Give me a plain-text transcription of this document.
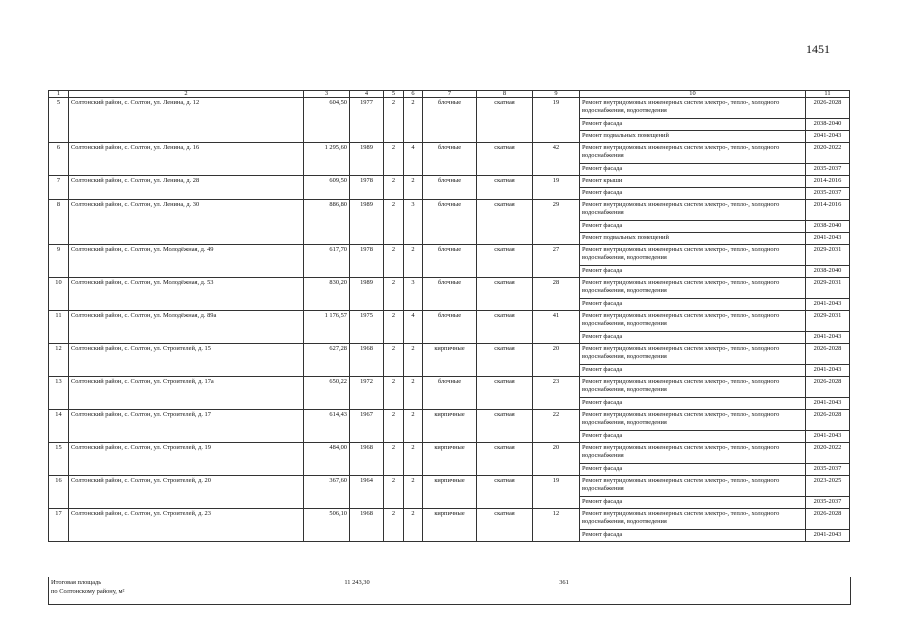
1451
1	2	3	4	5	6	7	8	9	10	11
5	Солтонский район, с. Солтон, ул. Ленина, д. 12	604,50	1977	2	2	блочные	скатная	19	Ремонт внутридомовых инженерных систем электро-, тепло-, холодного водоснабжения, водоотведения	2026-2028
									Ремонт фасада	2038-2040
									Ремонт подвальных помещений	2041-2043
6	Солтонский район, с. Солтон, ул. Ленина, д. 16	1 295,60	1989	2	4	блочные	скатная	42	Ремонт внутридомовых инженерных систем электро-, тепло-, холодного водоснабжения	2020-2022
									Ремонт фасада	2035-2037
7	Солтонский район, с. Солтон, ул. Ленина, д. 28	609,50	1978	2	2	блочные	скатная	19	Ремонт крыши	2014-2016
									Ремонт фасада	2035-2037
8	Солтонский район, с. Солтон, ул. Ленина, д. 30	886,80	1989	2	3	блочные	скатная	29	Ремонт внутридомовых инженерных систем электро-, тепло-, холодного водоснабжения	2014-2016
									Ремонт фасада	2038-2040
									Ремонт подвальных помещений	2041-2043
9	Солтонский район, с. Солтон, ул. Молодёжная, д. 49	617,70	1978	2	2	блочные	скатная	27	Ремонт внутридомовых инженерных систем электро-, тепло-, холодного водоснабжения, водоотведения	2029-2031
									Ремонт фасада	2038-2040
10	Солтонский район, с. Солтон, ул. Молодёжная, д. 53	830,20	1989	2	3	блочные	скатная	28	Ремонт внутридомовых инженерных систем электро-, тепло-, холодного водоснабжения, водоотведения	2029-2031
									Ремонт фасада	2041-2043
11	Солтонский район, с. Солтон, ул. Молодёжная, д. 89а	1 176,57	1975	2	4	блочные	скатная	41	Ремонт внутридомовых инженерных систем электро-, тепло-, холодного водоснабжения, водоотведения	2029-2031
									Ремонт фасада	2041-2043
12	Солтонский район, с. Солтон, ул. Строителей, д. 15	627,28	1968	2	2	кирпичные	скатная	20	Ремонт внутридомовых инженерных систем электро-, тепло-, холодного водоснабжения, водоотведения	2026-2028
									Ремонт фасада	2041-2043
13	Солтонский район, с. Солтон, ул. Строителей, д. 17а	650,22	1972	2	2	блочные	скатная	23	Ремонт внутридомовых инженерных систем электро-, тепло-, холодного водоснабжения, водоотведения	2026-2028
									Ремонт фасада	2041-2043
14	Солтонский район, с. Солтон, ул. Строителей, д. 17	614,43	1967	2	2	кирпичные	скатная	22	Ремонт внутридомовых инженерных систем электро-, тепло-, холодного водоснабжения, водоотведения	2026-2028
									Ремонт фасада	2041-2043
15	Солтонский район, с. Солтон, ул. Строителей, д. 19	484,00	1968	2	2	кирпичные	скатная	20	Ремонт внутридомовых инженерных систем электро-, тепло-, холодного водоснабжения	2020-2022
									Ремонт фасада	2035-2037
16	Солтонский район, с. Солтон, ул. Строителей, д. 20	367,60	1964	2	2	кирпичные	скатная	19	Ремонт внутридомовых инженерных систем электро-, тепло-, холодного водоснабжения	2023-2025
									Ремонт фасада	2035-2037
17	Солтонский район, с. Солтон, ул. Строителей, д. 23	506,10	1968	2	2	кирпичные	скатная	12	Ремонт внутридомовых инженерных систем электро-, тепло-, холодного водоснабжения, водоотведения	2026-2028
									Ремонт фасада	2041-2043
Итоговая площадь
по Солтонскому району, м²
11 243,30	361
